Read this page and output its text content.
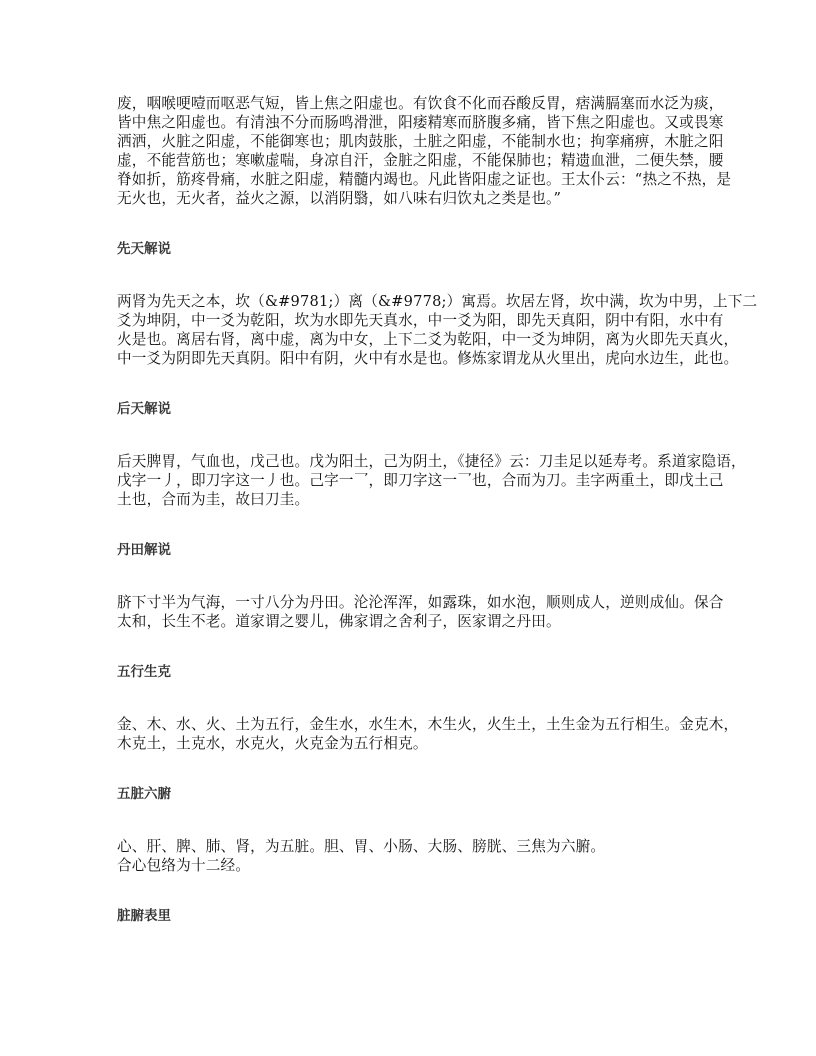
废，咽喉哽噎而呕恶气短，皆上焦之阳虚也。有饮食不化而吞酸反胃，痞满膈塞而水泛为痰，
皆中焦之阳虚也。有清浊不分而肠鸣滑泄，阳痿精寒而脐腹多痛，皆下焦之阳虚也。又或畏寒
洒洒，火脏之阳虚，不能御寒也；肌肉鼓胀，土脏之阳虚，不能制水也；拘挛痛痹，木脏之阳
虚，不能营筋也；寒嗽虚喘，身凉自汗，金脏之阳虚，不能保肺也；精遗血泄，二便失禁，腰
脊如折，筋疼骨痛，水脏之阳虚，精髓内竭也。凡此皆阳虚之证也。王太仆云：“热之不热，是
无火也，无火者，益火之源，以消阴翳，如八味右归饮丸之类是也。”

先天解说

两肾为先天之本，坎（&#9781;）离（&#9778;）寓焉。坎居左肾，坎中满，坎为中男，上下二
爻为坤阴，中一爻为乾阳，坎为水即先天真水，中一爻为阳，即先天真阳，阴中有阳，水中有
火是也。离居右肾，离中虚，离为中女，上下二爻为乾阳，中一爻为坤阴，离为火即先天真火，
中一爻为阴即先天真阴。阳中有阴，火中有水是也。修炼家谓龙从火里出，虎向水边生，此也。

后天解说

后天脾胃，气血也，戊己也。戊为阳土，己为阴土，《捷径》云：刀圭足以延寿考。系道家隐语，
戊字一丿，即刀字这一丿也。己字一乛，即刀字这一乛也，合而为刀。圭字两重土，即戊土己
土也，合而为圭，故曰刀圭。

丹田解说

脐下寸半为气海，一寸八分为丹田。沦沦浑浑，如露珠，如水泡，顺则成人，逆则成仙。保合
太和，长生不老。道家谓之婴儿，佛家谓之舍利子，医家谓之丹田。

五行生克

金、木、水、火、土为五行，金生水，水生木，木生火，火生土，土生金为五行相生。金克木，
木克土，土克水，水克火，火克金为五行相克。

五脏六腑

心、肝、脾、肺、肾，为五脏。胆、胃、小肠、大肠、膀胱、三焦为六腑。
合心包络为十二经。

脏腑表里
